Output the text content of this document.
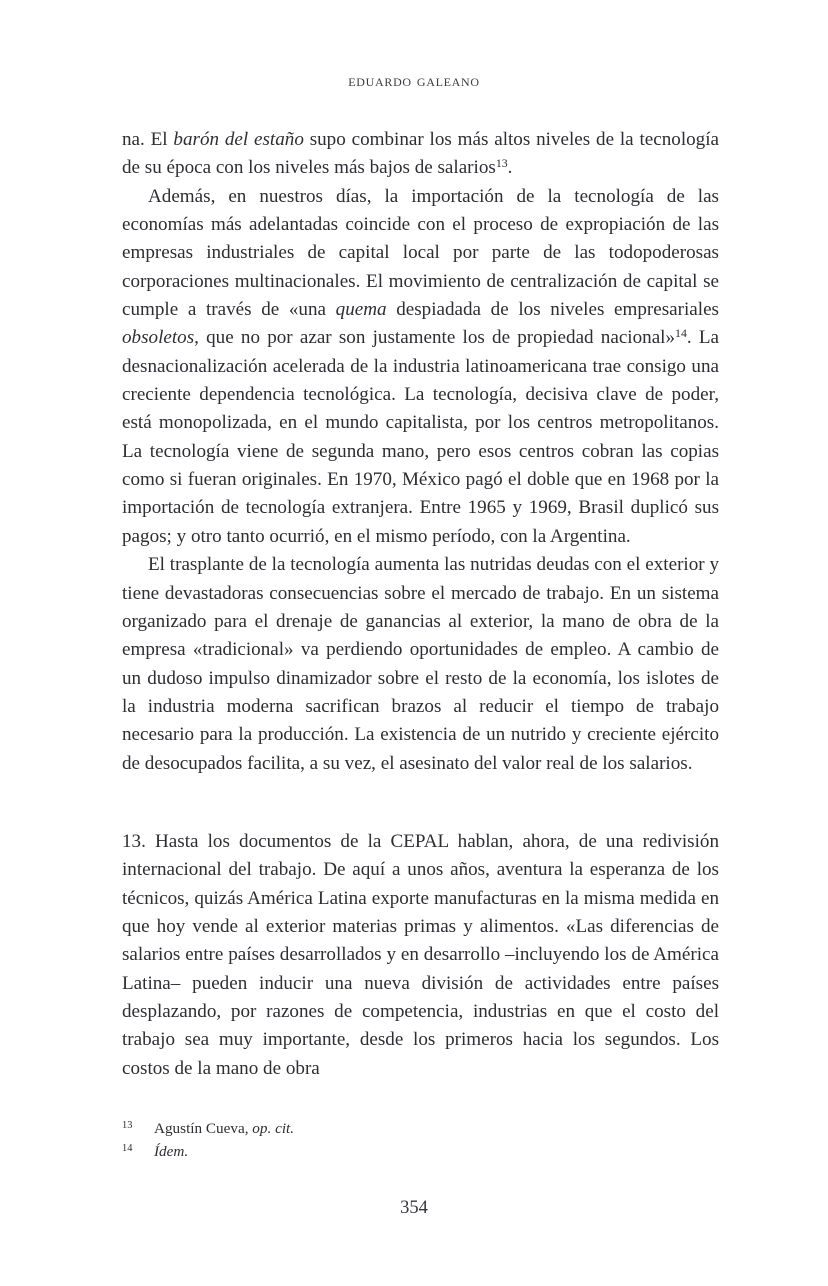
eduardo galeano

na. El barón del estaño supo combinar los más altos niveles de la tecnología de su época con los niveles más bajos de salarios$^{13}$.

Además, en nuestros días, la importación de la tecnología de las economías más adelantadas coincide con el proceso de expropiación de las empresas industriales de capital local por parte de las todopoderosas corporaciones multinacionales. El movimiento de centralización de capital se cumple a través de «una quema despiadada de los niveles empresariales obsoletos, que no por azar son justamente los de propiedad nacional»$^{14}$. La desnacionalización acelerada de la industria latinoamericana trae consigo una creciente dependencia tecnológica. La tecnología, decisiva clave de poder, está monopolizada, en el mundo capitalista, por los centros metropolitanos. La tecnología viene de segunda mano, pero esos centros cobran las copias como si fueran originales. En 1970, México pagó el doble que en 1968 por la importación de tecnología extranjera. Entre 1965 y 1969, Brasil duplicó sus pagos; y otro tanto ocurrió, en el mismo período, con la Argentina.

El trasplante de la tecnología aumenta las nutridas deudas con el exterior y tiene devastadoras consecuencias sobre el mercado de trabajo. En un sistema organizado para el drenaje de ganancias al exterior, la mano de obra de la empresa «tradicional» va perdiendo oportunidades de empleo. A cambio de un dudoso impulso dinamizador sobre el resto de la economía, los islotes de la industria moderna sacrifican brazos al reducir el tiempo de trabajo necesario para la producción. La existencia de un nutrido y creciente ejército de desocupados facilita, a su vez, el asesinato del valor real de los salarios.

13. Hasta los documentos de la CEPAL hablan, ahora, de una redivisión internacional del trabajo. De aquí a unos años, aventura la esperanza de los técnicos, quizás América Latina exporte manufacturas en la misma medida en que hoy vende al exterior materias primas y alimentos. «Las diferencias de salarios entre países desarrollados y en desarrollo –incluyendo los de América Latina– pueden inducir una nueva división de actividades entre países desplazando, por razones de competencia, industrias en que el costo del trabajo sea muy importante, desde los primeros hacia los segundos. Los costos de la mano de obra

13	Agustín Cueva, op. cit.
14	Ídem.
354
